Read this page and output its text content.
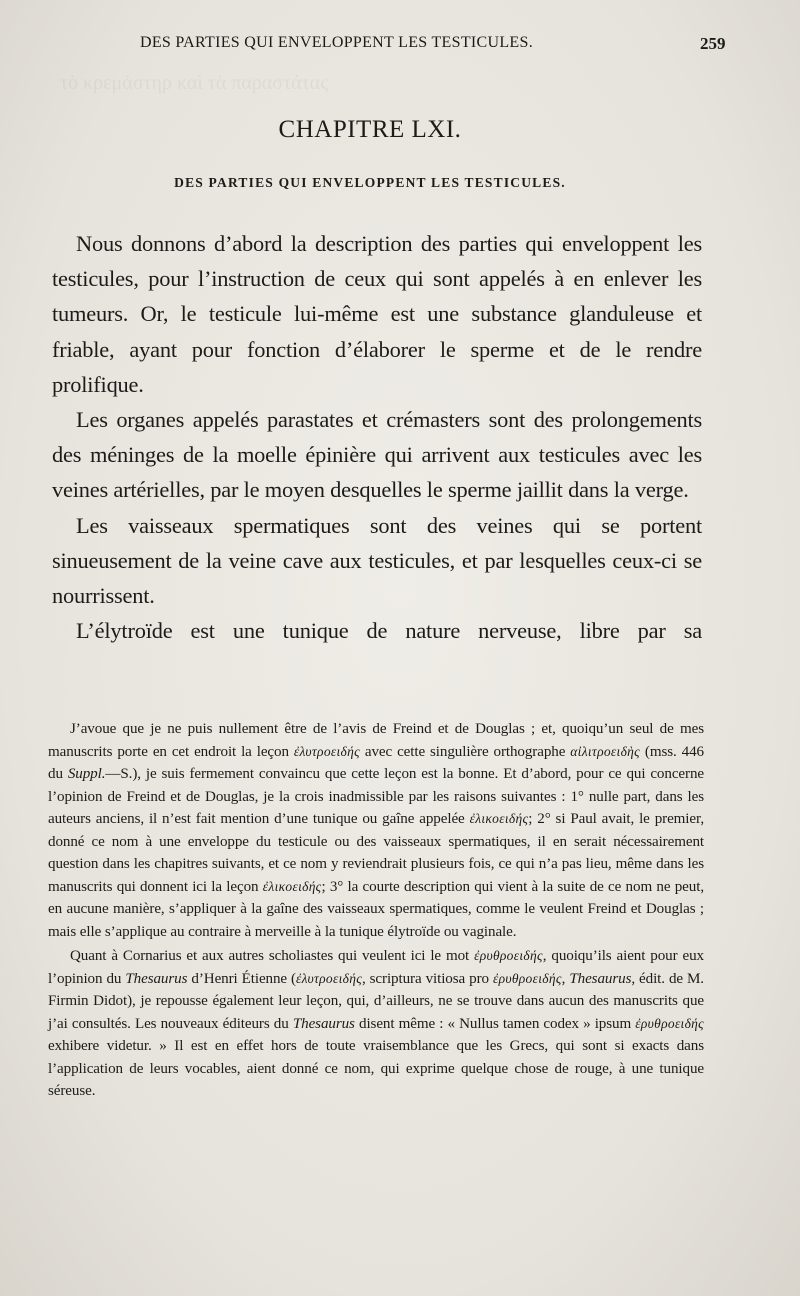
τὸ κρεμάστηρ καὶ τὰ παραστάτας
DES PARTIES QUI ENVELOPPENT LES TESTICULES.	259
CHAPITRE LXI.
DES PARTIES QUI ENVELOPPENT LES TESTICULES.

Nous donnons d’abord la description des parties qui enveloppent les testicules, pour l’instruction de ceux qui sont appelés à en enlever les tumeurs. Or, le testicule lui-même est une substance glanduleuse et friable, ayant pour fonction d’élaborer le sperme et de le rendre prolifique.

Les organes appelés parastates et crémasters sont des prolongements des méninges de la moelle épinière qui arrivent aux testicules avec les veines artérielles, par le moyen desquelles le sperme jaillit dans la verge.

Les vaisseaux spermatiques sont des veines qui se portent sinueusement de la veine cave aux testicules, et par lesquelles ceux-ci se nourrissent.

L’élytroïde est une tunique de nature nerveuse, libre par sa

J’avoue que je ne puis nullement être de l’avis de Freind et de Douglas ; et, quoiqu’un seul de mes manuscrits porte en cet endroit la leçon ἐλυτροειδής avec cette singulière orthographe αἰλιτροειδὴς (mss. 446 du Suppl.—S.), je suis fermement convaincu que cette leçon est la bonne. Et d’abord, pour ce qui concerne l’opinion de Freind et de Douglas, je la crois inadmissible par les raisons suivantes : 1° nulle part, dans les auteurs anciens, il n’est fait mention d’une tunique ou gaîne appelée ἐλικοειδής; 2° si Paul avait, le premier, donné ce nom à une enveloppe du testicule ou des vaisseaux spermatiques, il en serait nécessairement question dans les chapitres suivants, et ce nom y reviendrait plusieurs fois, ce qui n’a pas lieu, même dans les manuscrits qui donnent ici la leçon ἐλικοειδής; 3° la courte description qui vient à la suite de ce nom ne peut, en aucune manière, s’appliquer à la gaîne des vaisseaux spermatiques, comme le veulent Freind et Douglas ; mais elle s’applique au contraire à merveille à la tunique élytroïde ou vaginale.

Quant à Cornarius et aux autres scholiastes qui veulent ici le mot ἐρυθροειδής, quoiqu’ils aient pour eux l’opinion du Thesaurus d’Henri Étienne (ἐλυτροειδής, scriptura vitiosa pro ἐρυθροειδής, Thesaurus, édit. de M. Firmin Didot), je repousse également leur leçon, qui, d’ailleurs, ne se trouve dans aucun des manuscrits que j’ai consultés. Les nouveaux éditeurs du Thesaurus disent même : « Nullus tamen codex » ipsum ἐρυθροειδής exhibere videtur. » Il est en effet hors de toute vraisemblance que les Grecs, qui sont si exacts dans l’application de leurs vocables, aient donné ce nom, qui exprime quelque chose de rouge, à une tunique séreuse.
